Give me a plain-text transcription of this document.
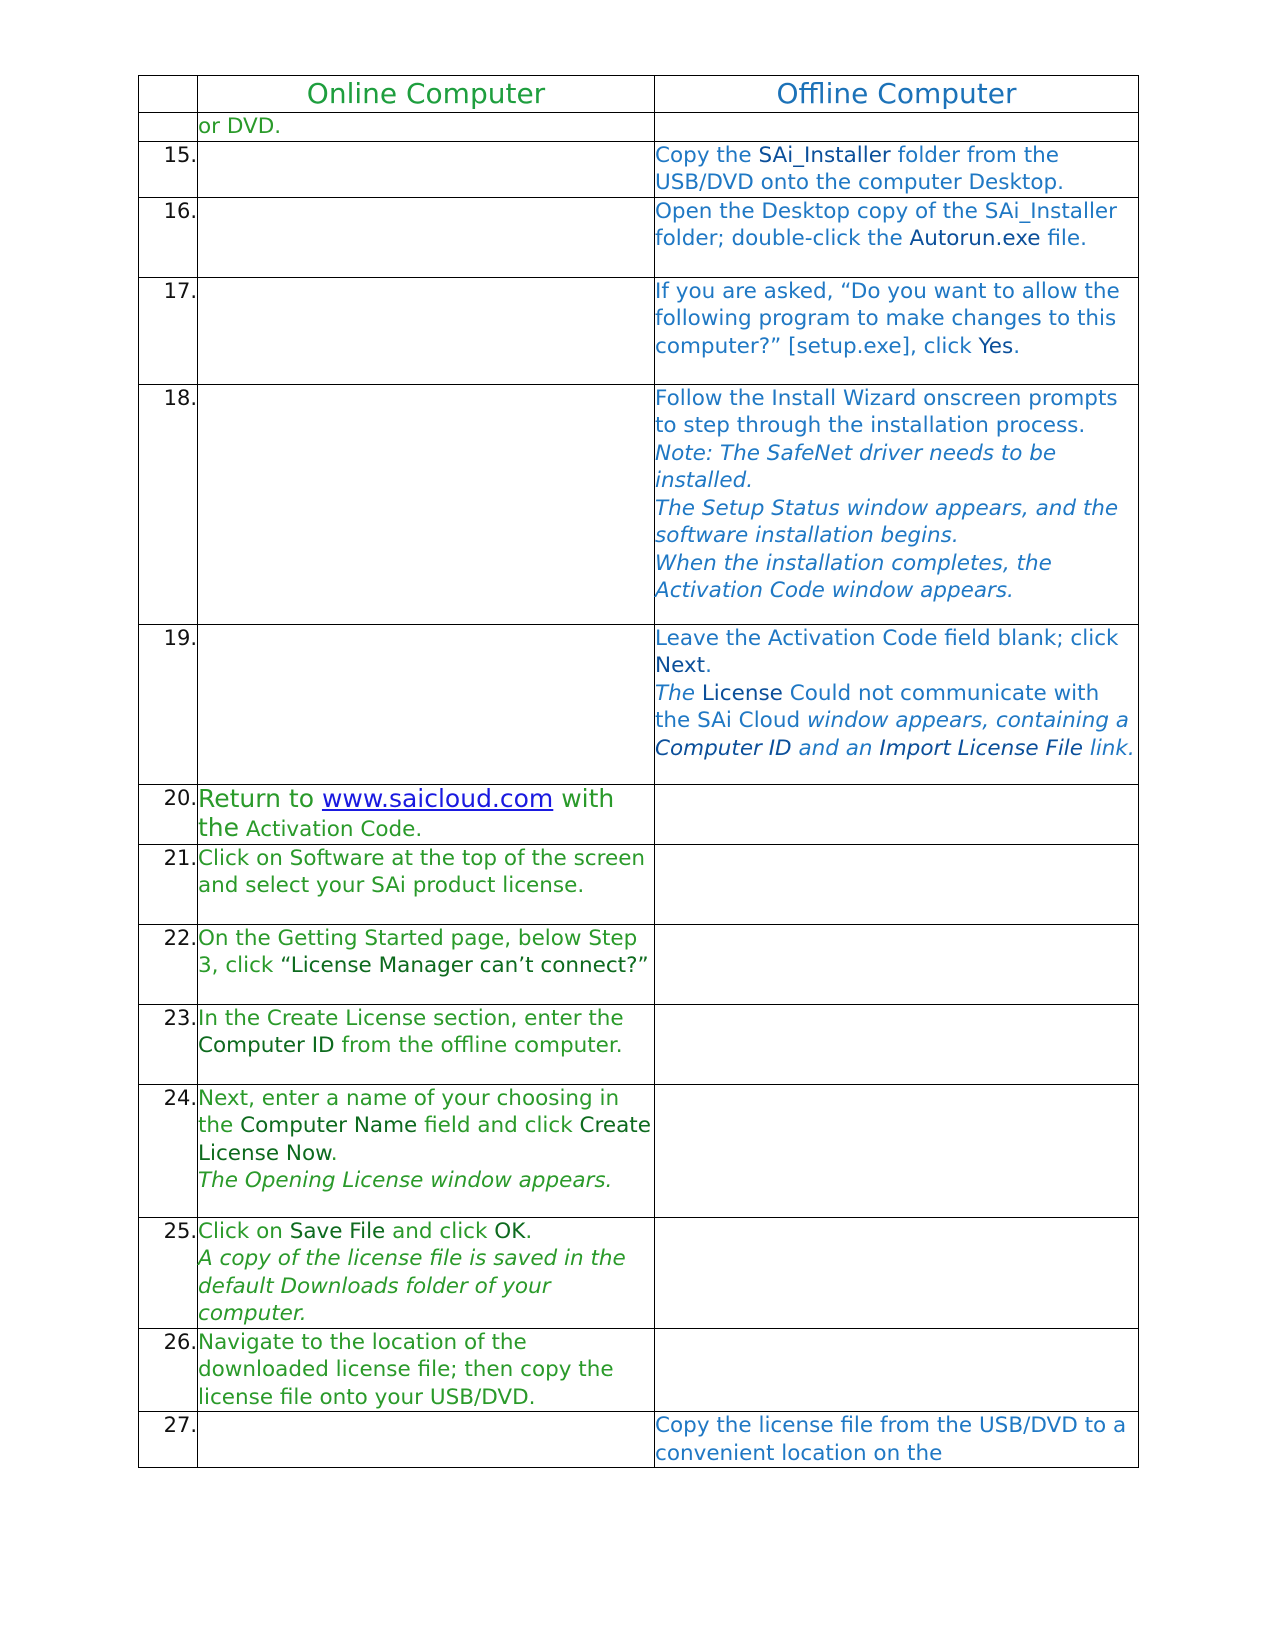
	Online Computer	Offline Computer
	or DVD.	
15.		Copy the SAi_Installer folder from the USB/DVD onto the computer Desktop.
16.		Open the Desktop copy of the SAi_Installer folder; double-click the Autorun.exe file.
17.		If you are asked, “Do you want to allow the following program to make changes to this computer?” [setup.exe], click Yes.
18.		Follow the Install Wizard onscreen prompts to step through the installation process.
Note: The SafeNet driver needs to be installed.
The Setup Status window appears, and the software installation begins.
When the installation completes, the Activation Code window appears.

19.		Leave the Activation Code field blank; click Next.
The License Could not communicate with the SAi Cloud window appears, containing a Computer ID and an Import License File link.

20.	Return to www.saicloud.com with
the Activation Code.	

21.	Click on Software at the top of the screen and select your SAi product license.	
22.	On the Getting Started page, below Step 3, click “License Manager can’t connect?”	
23.	In the Create License section, enter the Computer ID from the offline computer.	
24.	Next, enter a name of your choosing in the Computer Name field and click Create License Now.
The Opening License window appears.	

25.	Click on Save File and click OK.
A copy of the license file is saved in the default Downloads folder of your computer.	

26.	Navigate to the location of the downloaded license file; then copy the license file onto your USB/DVD.	
27.		Copy the license file from the USB/DVD to a convenient location on the
